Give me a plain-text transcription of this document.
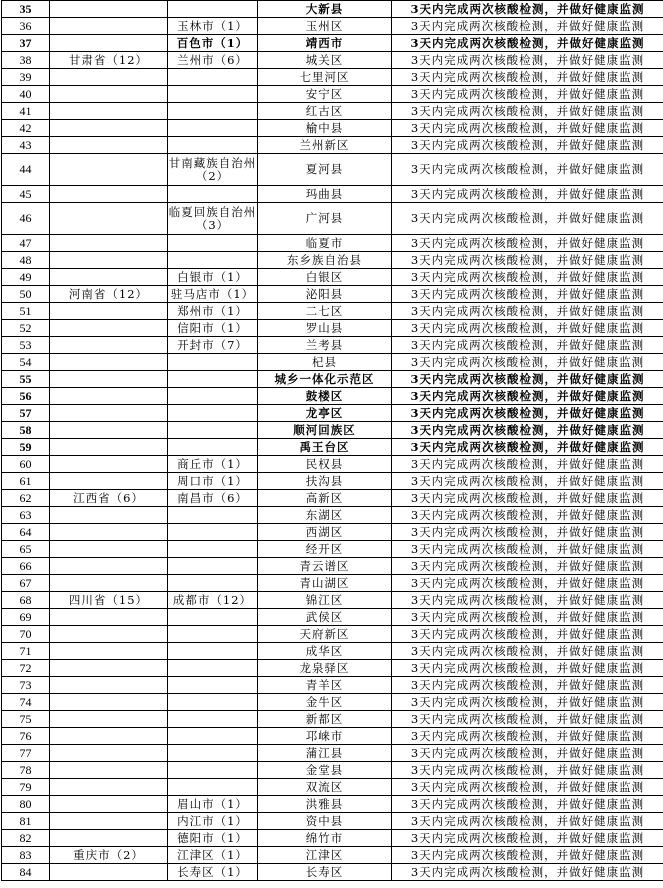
35			大新县	3天内完成两次核酸检测，并做好健康监测
36		玉林市（1）	玉州区	3天内完成两次核酸检测，并做好健康监测
37		百色市（1）	靖西市	3天内完成两次核酸检测，并做好健康监测
38	甘肃省（12）	兰州市（6）	城关区	3天内完成两次核酸检测，并做好健康监测
39			七里河区	3天内完成两次核酸检测，并做好健康监测
40			安宁区	3天内完成两次核酸检测，并做好健康监测
41			红古区	3天内完成两次核酸检测，并做好健康监测
42			榆中县	3天内完成两次核酸检测，并做好健康监测
43			兰州新区	3天内完成两次核酸检测，并做好健康监测
44		甘南藏族自治州（2）	夏河县	3天内完成两次核酸检测，并做好健康监测
45			玛曲县	3天内完成两次核酸检测，并做好健康监测
46		临夏回族自治州（3）	广河县	3天内完成两次核酸检测，并做好健康监测
47			临夏市	3天内完成两次核酸检测，并做好健康监测
48			东乡族自治县	3天内完成两次核酸检测，并做好健康监测
49		白银市（1）	白银区	3天内完成两次核酸检测，并做好健康监测
50	河南省（12）	驻马店市（1）	泌阳县	3天内完成两次核酸检测，并做好健康监测
51		郑州市（1）	二七区	3天内完成两次核酸检测，并做好健康监测
52		信阳市（1）	罗山县	3天内完成两次核酸检测，并做好健康监测
53		开封市（7）	兰考县	3天内完成两次核酸检测，并做好健康监测
54			杞县	3天内完成两次核酸检测，并做好健康监测
55			城乡一体化示范区	3天内完成两次核酸检测，并做好健康监测
56			鼓楼区	3天内完成两次核酸检测，并做好健康监测
57			龙亭区	3天内完成两次核酸检测，并做好健康监测
58			顺河回族区	3天内完成两次核酸检测，并做好健康监测
59			禹王台区	3天内完成两次核酸检测，并做好健康监测
60		商丘市（1）	民权县	3天内完成两次核酸检测，并做好健康监测
61		周口市（1）	扶沟县	3天内完成两次核酸检测，并做好健康监测
62	江西省（6）	南昌市（6）	高新区	3天内完成两次核酸检测，并做好健康监测
63			东湖区	3天内完成两次核酸检测，并做好健康监测
64			西湖区	3天内完成两次核酸检测，并做好健康监测
65			经开区	3天内完成两次核酸检测，并做好健康监测
66			青云谱区	3天内完成两次核酸检测，并做好健康监测
67			青山湖区	3天内完成两次核酸检测，并做好健康监测
68	四川省（15）	成都市（12）	锦江区	3天内完成两次核酸检测，并做好健康监测
69			武侯区	3天内完成两次核酸检测，并做好健康监测
70			天府新区	3天内完成两次核酸检测，并做好健康监测
71			成华区	3天内完成两次核酸检测，并做好健康监测
72			龙泉驿区	3天内完成两次核酸检测，并做好健康监测
73			青羊区	3天内完成两次核酸检测，并做好健康监测
74			金牛区	3天内完成两次核酸检测，并做好健康监测
75			新都区	3天内完成两次核酸检测，并做好健康监测
76			邛崃市	3天内完成两次核酸检测，并做好健康监测
77			蒲江县	3天内完成两次核酸检测，并做好健康监测
78			金堂县	3天内完成两次核酸检测，并做好健康监测
79			双流区	3天内完成两次核酸检测，并做好健康监测
80		眉山市（1）	洪雅县	3天内完成两次核酸检测，并做好健康监测
81		内江市（1）	资中县	3天内完成两次核酸检测，并做好健康监测
82		德阳市（1）	绵竹市	3天内完成两次核酸检测，并做好健康监测
83	重庆市（2）	江津区（1）	江津区	3天内完成两次核酸检测，并做好健康监测
84		长寿区（1）	长寿区	3天内完成两次核酸检测，并做好健康监测
